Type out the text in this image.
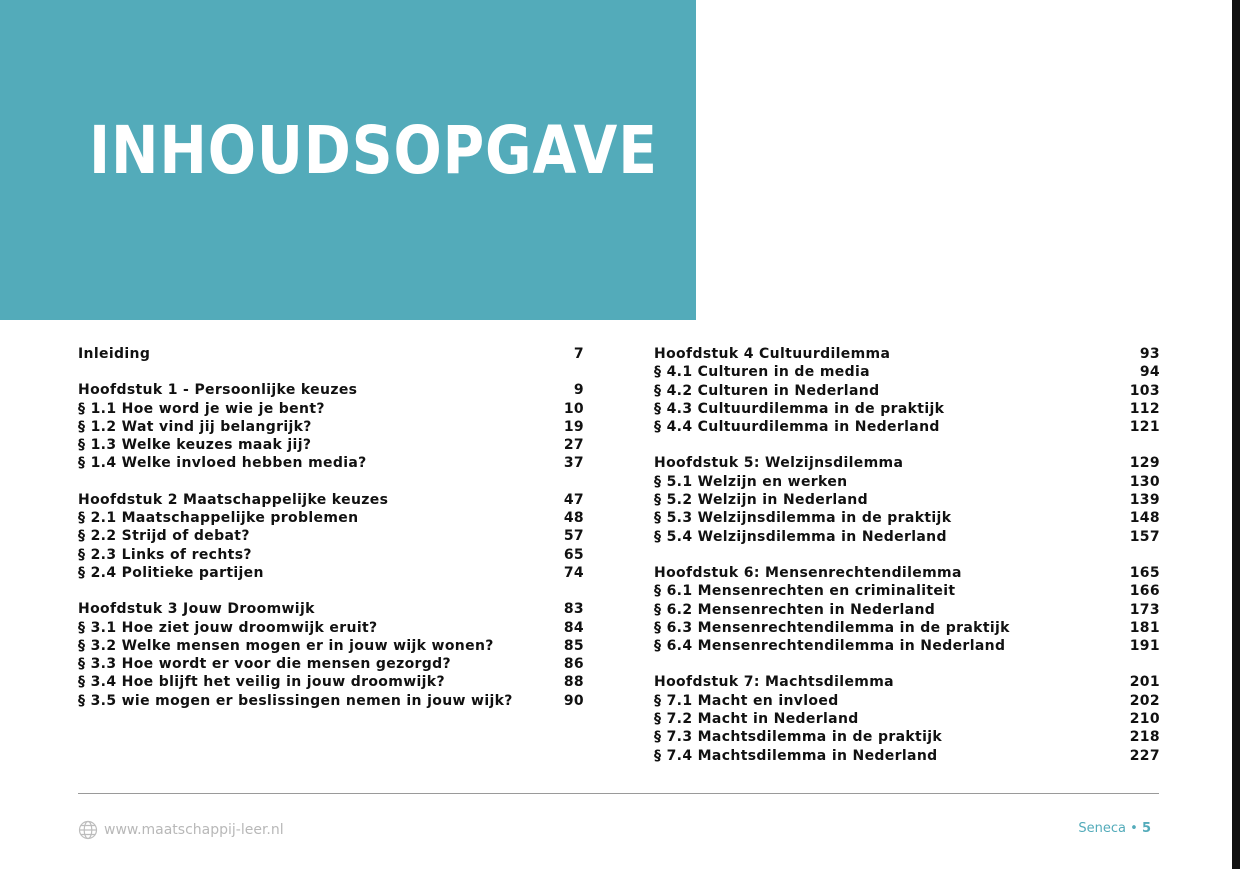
INHOUDSOPGAVE
Inleiding	7
Hoofdstuk 1 - Persoonlijke keuzes	9
§ 1.1 Hoe word je wie je bent?	10
§ 1.2 Wat vind jij belangrijk?	19
§ 1.3 Welke keuzes maak jij?	27
§ 1.4 Welke invloed hebben media?	37
Hoofdstuk 2 Maatschappelijke keuzes	47
§ 2.1 Maatschappelijke problemen	48
§ 2.2 Strijd of debat?	57
§ 2.3 Links of rechts?	65
§ 2.4 Politieke partijen	74
Hoofdstuk 3 Jouw Droomwijk	83
§ 3.1 Hoe ziet jouw droomwijk eruit?	84
§ 3.2 Welke mensen mogen er in jouw wijk wonen?	85
§ 3.3 Hoe wordt er voor die mensen gezorgd?	86
§ 3.4 Hoe blijft het veilig in jouw droomwijk?	88
§ 3.5 wie mogen er beslissingen nemen in jouw wijk?	90
Hoofdstuk 4 Cultuurdilemma	93
§ 4.1 Culturen in de media	94
§ 4.2 Culturen in Nederland	103
§ 4.3 Cultuurdilemma in de praktijk	112
§ 4.4 Cultuurdilemma in Nederland	121
Hoofdstuk 5: Welzijnsdilemma	129
§ 5.1 Welzijn en werken	130
§ 5.2 Welzijn in Nederland	139
§ 5.3 Welzijnsdilemma in de praktijk	148
§ 5.4 Welzijnsdilemma in Nederland	157
Hoofdstuk 6: Mensenrechtendilemma	165
§ 6.1 Mensenrechten en criminaliteit	166
§ 6.2 Mensenrechten in Nederland	173
§ 6.3 Mensenrechtendilemma in de praktijk	181
§ 6.4 Mensenrechtendilemma in Nederland	191
Hoofdstuk 7: Machtsdilemma	201
§ 7.1 Macht en invloed	202
§ 7.2 Macht in Nederland	210
§ 7.3 Machtsdilemma in de praktijk	218
§ 7.4 Machtsdilemma in Nederland	227
www.maatschappij-leer.nl	Seneca • 5
